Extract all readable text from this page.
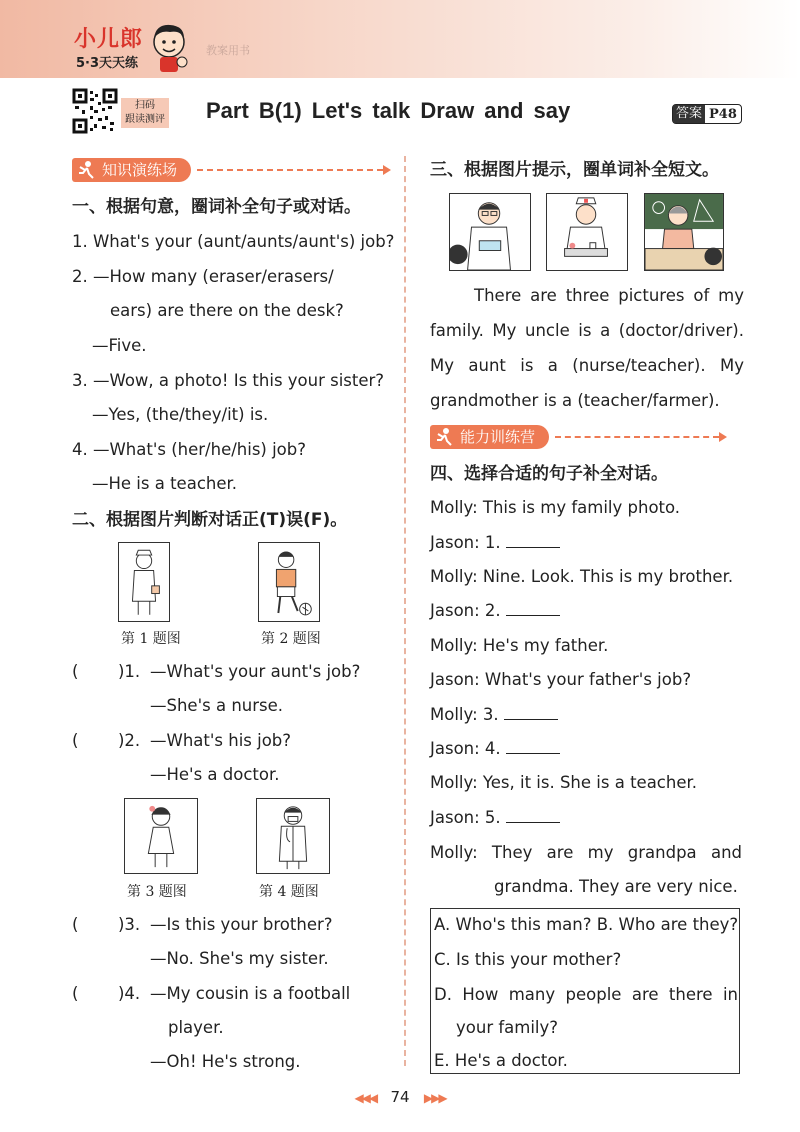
小儿郎
5·3天天练
教案用书
扫码
跟读测评 Part B(1) Let's talk Draw and say	答案 P48
知识演练场
一、根据句意，圈词补全句子或对话。
1. What's your (aunt/aunts/aunt's) job?
2. —How many (eraser/erasers/
ears) are there on the desk?
—Five.
3. —Wow, a photo! Is this your sister?
—Yes, (the/they/it) is.
4. —What's (her/he/his) job?
—He is a teacher.
二、根据图片判断对话正(T)误(F)。
第 1 题图	第 2 题图
( )1. —What's your aunt's job?
—She's a nurse.
( )2. —What's his job?
—He's a doctor.
第 3 题图	第 4 题图
( )3. —Is this your brother?
—No. She's my sister.
( )4. —My cousin is a football
player.
—Oh! He's strong.
三、根据图片提示，圈单词补全短文。
There are three pictures of my
family. My uncle is a (doctor/driver).
My aunt is a (nurse/teacher). My
grandmother is a (teacher/farmer).
能力训练营
四、选择合适的句子补全对话。
Molly: This is my family photo.
Jason: 1.
Molly: Nine. Look. This is my brother.
Jason: 2.
Molly: He's my father.
Jason: What's your father's job?
Molly: 3.
Jason: 4.
Molly: Yes, it is. She is a teacher.
Jason: 5.
Molly: They are my grandpa and
grandma. They are very nice.
A. Who's this man? B. Who are they?
C. Is this your mother?
D. How many people are there in
your family?
E. He's a doctor.
◀◀◀ 74 ▶▶▶
